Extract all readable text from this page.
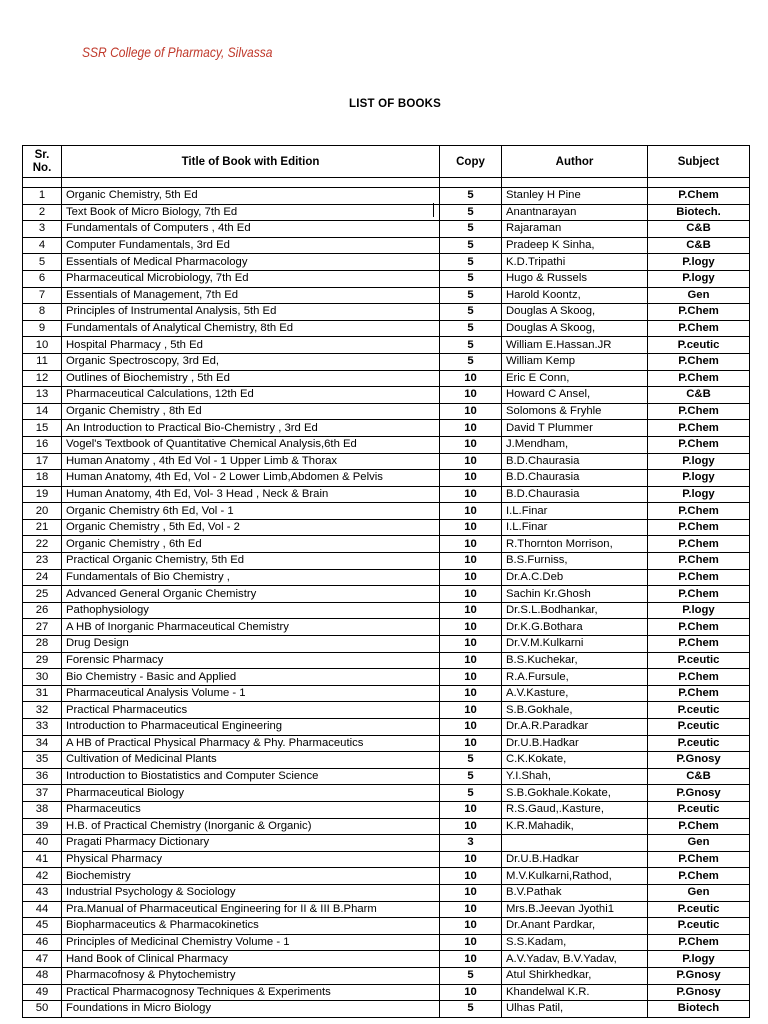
SSR College of Pharmacy, Silvassa
LIST OF BOOKS
Sr. No.	Title of Book with Edition	Copy	Author	Subject

1	Organic Chemistry, 5th Ed	5	Stanley H Pine	P.Chem
2	Text Book of Micro Biology, 7th Ed	5	Anantnarayan	Biotech.
3	Fundamentals of Computers , 4th Ed	5	Rajaraman	C&B
4	Computer Fundamentals, 3rd Ed	5	Pradeep K Sinha,	C&B
5	Essentials of Medical Pharmacology	5	K.D.Tripathi	P.logy
6	Pharmaceutical Microbiology, 7th Ed	5	Hugo & Russels	P.logy
7	Essentials of Management, 7th Ed	5	Harold Koontz,	Gen
8	Principles of Instrumental Analysis, 5th Ed	5	Douglas A Skoog,	P.Chem
9	Fundamentals of Analytical Chemistry, 8th Ed	5	Douglas A Skoog,	P.Chem
10	Hospital Pharmacy , 5th Ed	5	William E.Hassan.JR	P.ceutic
11	Organic Spectroscopy, 3rd Ed,	5	William Kemp	P.Chem
12	Outlines of Biochemistry , 5th Ed	10	Eric E Conn,	P.Chem
13	Pharmaceutical Calculations, 12th Ed	10	Howard C Ansel,	C&B
14	Organic Chemistry , 8th Ed	10	Solomons & Fryhle	P.Chem
15	An Introduction to Practical Bio-Chemistry , 3rd Ed	10	David T Plummer	P.Chem
16	Vogel's Textbook of Quantitative Chemical Analysis,6th Ed	10	J.Mendham,	P.Chem
17	Human Anatomy , 4th Ed Vol - 1 Upper Limb & Thorax	10	B.D.Chaurasia	P.logy
18	Human Anatomy, 4th Ed, Vol - 2 Lower Limb,Abdomen & Pelvis	10	B.D.Chaurasia	P.logy
19	Human Anatomy, 4th Ed, Vol- 3 Head , Neck & Brain	10	B.D.Chaurasia	P.logy
20	Organic Chemistry 6th Ed, Vol - 1	10	I.L.Finar	P.Chem
21	Organic Chemistry , 5th Ed, Vol - 2	10	I.L.Finar	P.Chem
22	Organic Chemistry , 6th Ed	10	R.Thornton Morrison,	P.Chem
23	Practical Organic Chemistry, 5th Ed	10	B.S.Furniss,	P.Chem
24	Fundamentals of Bio Chemistry ,	10	Dr.A.C.Deb	P.Chem
25	Advanced General Organic Chemistry	10	Sachin Kr.Ghosh	P.Chem
26	Pathophysiology	10	Dr.S.L.Bodhankar,	P.logy
27	A HB of Inorganic Pharmaceutical Chemistry	10	Dr.K.G.Bothara	P.Chem
28	Drug Design	10	Dr.V.M.Kulkarni	P.Chem
29	Forensic Pharmacy	10	B.S.Kuchekar,	P.ceutic
30	Bio Chemistry - Basic and Applied	10	R.A.Fursule,	P.Chem
31	Pharmaceutical Analysis Volume - 1	10	A.V.Kasture,	P.Chem
32	Practical Pharmaceutics	10	S.B.Gokhale,	P.ceutic
33	Introduction to Pharmaceutical Engineering	10	Dr.A.R.Paradkar	P.ceutic
34	A HB of Practical Physical Pharmacy & Phy. Pharmaceutics	10	Dr.U.B.Hadkar	P.ceutic
35	Cultivation of Medicinal Plants	5	C.K.Kokate,	P.Gnosy
36	Introduction to Biostatistics and Computer Science	5	Y.I.Shah,	C&B
37	Pharmaceutical Biology	5	S.B.Gokhale.Kokate,	P.Gnosy
38	Pharmaceutics	10	R.S.Gaud,.Kasture,	P.ceutic
39	H.B. of Practical Chemistry (Inorganic & Organic)	10	K.R.Mahadik,	P.Chem
40	Pragati Pharmacy Dictionary	3		Gen
41	Physical Pharmacy	10	Dr.U.B.Hadkar	P.Chem
42	Biochemistry	10	M.V.Kulkarni,Rathod,	P.Chem
43	Industrial Psychology & Sociology	10	B.V.Pathak	Gen
44	Pra.Manual of Pharmaceutical Engineering for II & III B.Pharm	10	Mrs.B.Jeevan Jyothi1	P.ceutic
45	Biopharmaceutics & Pharmacokinetics	10	Dr.Anant Pardkar,	P.ceutic
46	Principles of Medicinal Chemistry Volume - 1	10	S.S.Kadam,	P.Chem
47	Hand Book of Clinical Pharmacy	10	A.V.Yadav, B.V.Yadav,	P.logy
48	Pharmacofnosy & Phytochemistry	5	Atul Shirkhedkar,	P.Gnosy
49	Practical Pharmacognosy Techniques & Experiments	10	Khandelwal K.R.	P.Gnosy
50	Foundations in Micro Biology	5	Ulhas Patil,	Biotech
